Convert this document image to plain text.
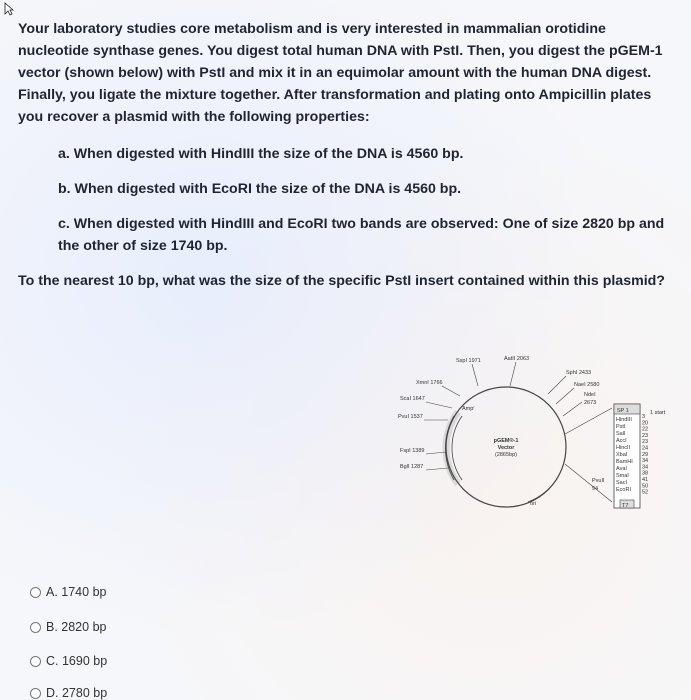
Your laboratory studies core metabolism and is very interested in mammalian orotidine nucleotide synthase genes. You digest total human DNA with PstI. Then, you digest the pGEM-1 vector (shown below) with PstI and mix it in an equimolar amount with the human DNA digest. Finally, you ligate the mixture together. After transformation and plating onto Ampicillin plates you recover a plasmid with the following properties:
a. When digested with HindIII the size of the DNA is 4560 bp.
b. When digested with EcoRI the size of the DNA is 4560 bp.
c. When digested with HindIII and EcoRI two bands are observed: One of size 2820 bp and the other of size 1740 bp.
To the nearest 10 bp, what was the size of the specific PstI insert contained within this plasmid?
pGEM®-1
Vector
(2865bp)
ori
Ampʳ
SspI 1971	AatII 2063
XmnI 1766
ScaI 1647
PvuI 1537
FspI 1389
BglI 1287
SphI 2433
NaeI 2580
NdeI
2673
SP 1
HindIII
PstI
SalI
AccI
HincII
XbaI
BamHI
AvaI
SmaI
SacI
EcoRI
3
20
22
23
23
24
29
34
34
38
41
50
52
T7
1 start
PvuII
94
A. 1740 bp
B. 2820 bp
C. 1690 bp
D. 2780 bp
